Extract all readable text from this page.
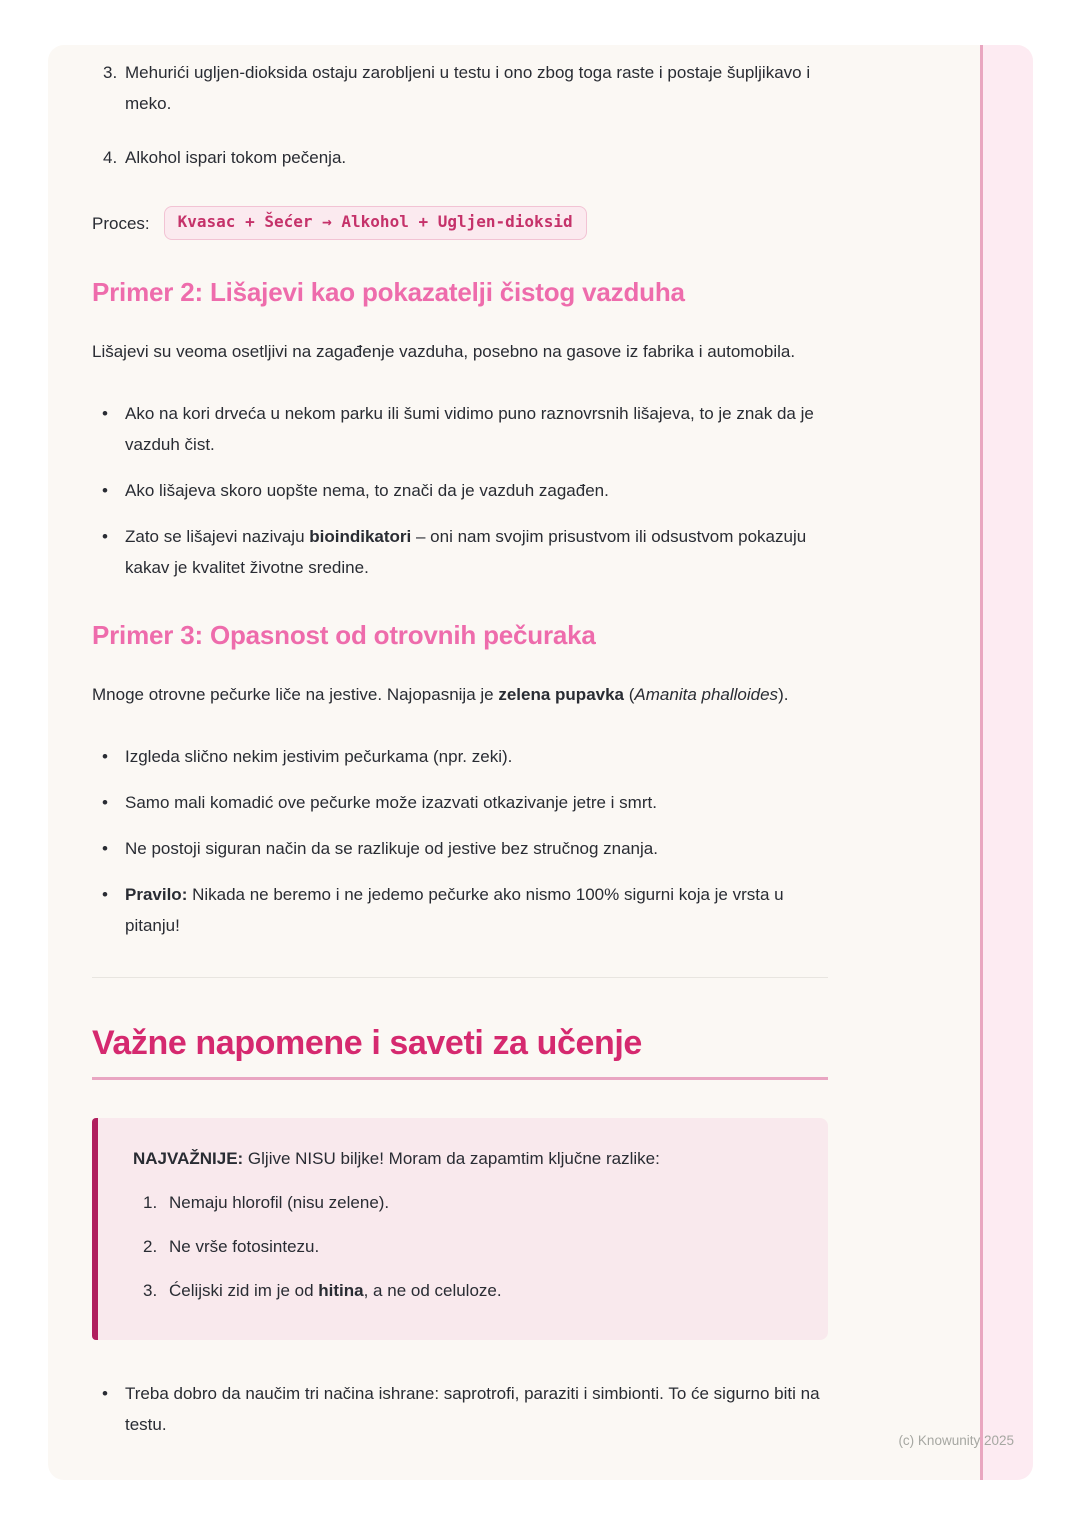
3. Mehurići ugljen-dioksida ostaju zarobljeni u testu i ono zbog toga raste i postaje šupljikavo i meko.
4. Alkohol ispari tokom pečenja.
Proces:	Kvasac + Šećer → Alkohol + Ugljen-dioksid
Primer 2: Lišajevi kao pokazatelji čistog vazduha

Lišajevi su veoma osetljivi na zagađenje vazduha, posebno na gasove iz fabrika i automobila.

• Ako na kori drveća u nekom parku ili šumi vidimo puno raznovrsnih lišajeva, to je znak da je vazduh čist.
• Ako lišajeva skoro uopšte nema, to znači da je vazduh zagađen.
• Zato se lišajevi nazivaju bioindikatori – oni nam svojim prisustvom ili odsustvom pokazuju kakav je kvalitet životne sredine.
Primer 3: Opasnost od otrovnih pečuraka

Mnoge otrovne pečurke liče na jestive. Najopasnija je zelena pupavka (Amanita phalloides).

• Izgleda slično nekim jestivim pečurkama (npr. zeki).
• Samo mali komadić ove pečurke može izazvati otkazivanje jetre i smrt.
• Ne postoji siguran način da se razlikuje od jestive bez stručnog znanja.
• Pravilo: Nikada ne beremo i ne jedemo pečurke ako nismo 100% sigurni koja je vrsta u pitanju!
Važne napomene i saveti za učenje

NAJVAŽNIJE: Gljive NISU biljke! Moram da zapamtim ključne razlike:

1. Nemaju hlorofil (nisu zelene).
2. Ne vrše fotosintezu.
3. Ćelijski zid im je od hitina, a ne od celuloze.
• Treba dobro da naučim tri načina ishrane: saprotrofi, paraziti i simbionti. To će sigurno biti na testu.
(c) Knowunity 2025
